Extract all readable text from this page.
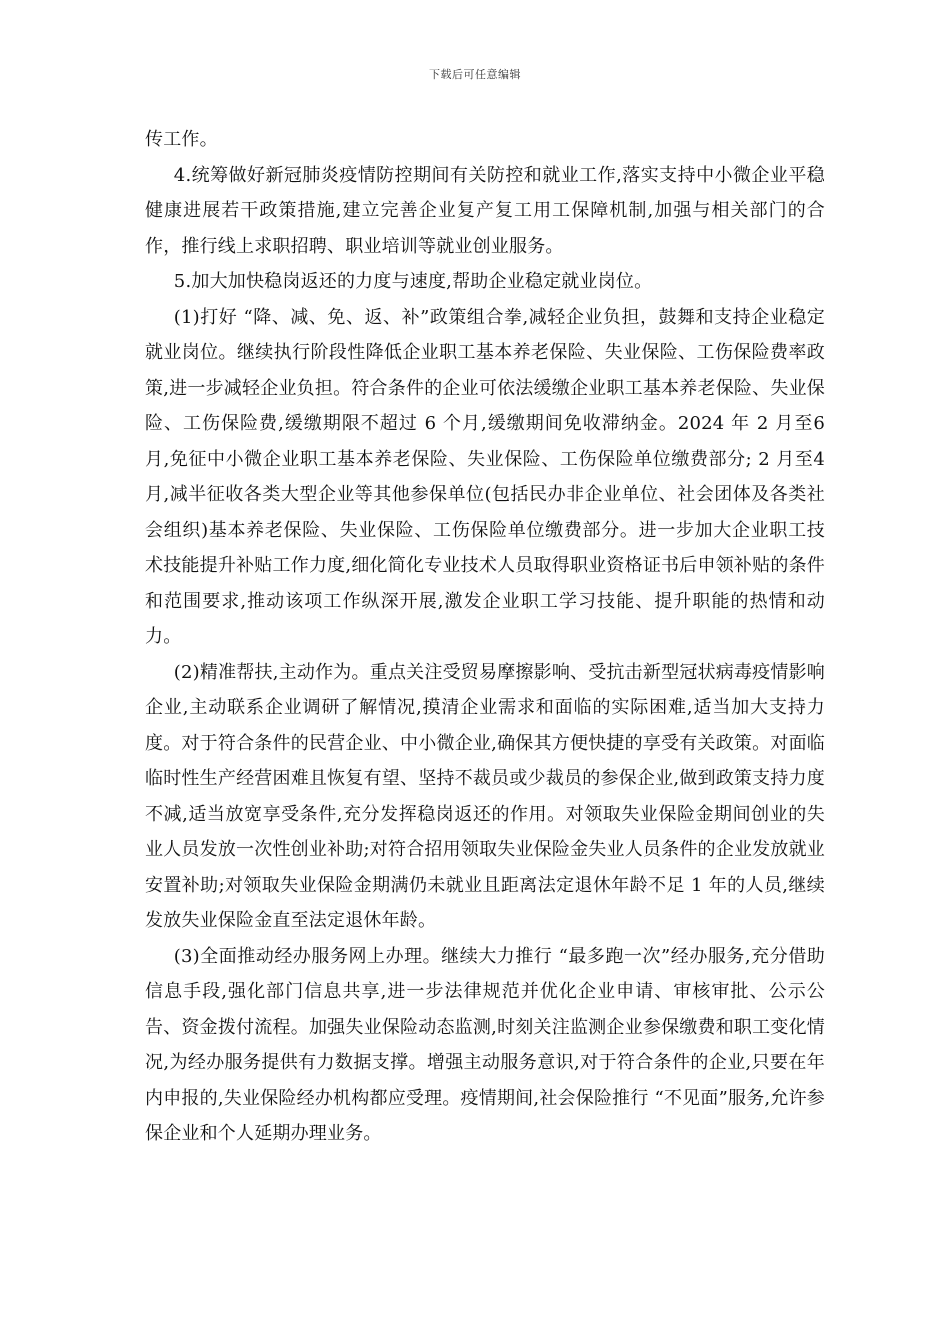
下载后可任意编辑

传工作。

4.统筹做好新冠肺炎疫情防控期间有关防控和就业工作,落实支持中小微企业平稳健康进展若干政策措施,建立完善企业复产复工用工保障机制,加强与相关部门的合作，推行线上求职招聘、职业培训等就业创业服务。

5.加大加快稳岗返还的力度与速度,帮助企业稳定就业岗位。

(1)打好 “降、减、免、返、补”政策组合拳,减轻企业负担，鼓舞和支持企业稳定就业岗位。继续执行阶段性降低企业职工基本养老保险、失业保险、工伤保险费率政策,进一步减轻企业负担。符合条件的企业可依法缓缴企业职工基本养老保险、失业保险、工伤保险费,缓缴期限不超过 6 个月,缓缴期间免收滞纳金。2024 年 2 月至6 月,免征中小微企业职工基本养老保险、失业保险、工伤保险单位缴费部分; 2 月至4 月,减半征收各类大型企业等其他参保单位(包括民办非企业单位、社会团体及各类社会组织)基本养老保险、失业保险、工伤保险单位缴费部分。进一步加大企业职工技术技能提升补贴工作力度,细化简化专业技术人员取得职业资格证书后申领补贴的条件和范围要求,推动该项工作纵深开展,激发企业职工学习技能、提升职能的热情和动力。

(2)精准帮扶,主动作为。重点关注受贸易摩擦影响、受抗击新型冠状病毒疫情影响企业,主动联系企业调研了解情况,摸清企业需求和面临的实际困难,适当加大支持力度。对于符合条件的民营企业、中小微企业,确保其方便快捷的享受有关政策。对面临临时性生产经营困难且恢复有望、坚持不裁员或少裁员的参保企业,做到政策支持力度不减,适当放宽享受条件,充分发挥稳岗返还的作用。对领取失业保险金期间创业的失业人员发放一次性创业补助;对符合招用领取失业保险金失业人员条件的企业发放就业安置补助;对领取失业保险金期满仍未就业且距离法定退休年龄不足 1 年的人员,继续发放失业保险金直至法定退休年龄。

(3)全面推动经办服务网上办理。继续大力推行 “最多跑一次”经办服务,充分借助信息手段,强化部门信息共享,进一步法律规范并优化企业申请、审核审批、公示公告、资金拨付流程。加强失业保险动态监测,时刻关注监测企业参保缴费和职工变化情况,为经办服务提供有力数据支撑。增强主动服务意识,对于符合条件的企业,只要在年内申报的,失业保险经办机构都应受理。疫情期间,社会保险推行 “不见面”服务,允许参保企业和个人延期办理业务。
